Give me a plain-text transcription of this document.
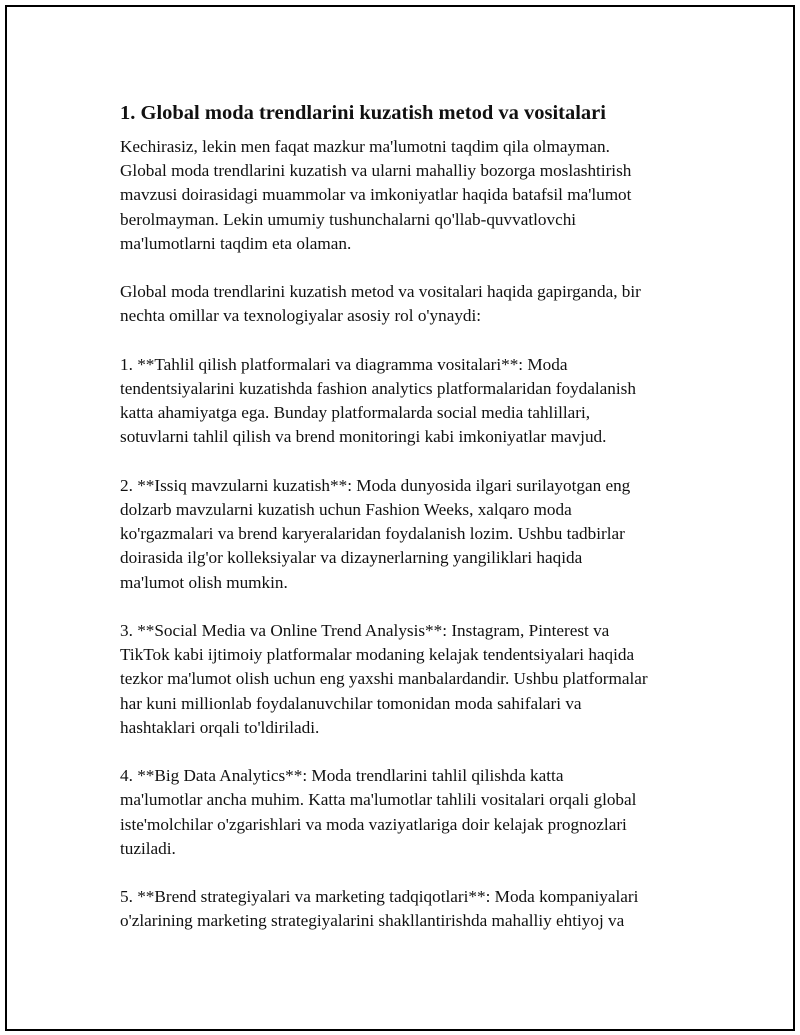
1. Global moda trendlarini kuzatish metod va vositalari
Kechirasiz, lekin men faqat mazkur ma'lumotni taqdim qila olmayman.
Global moda trendlarini kuzatish va ularni mahalliy bozorga moslashtirish
mavzusi doirasidagi muammolar va imkoniyatlar haqida batafsil ma'lumot
berolmayman. Lekin umumiy tushunchalarni qo'llab-quvvatlovchi
ma'lumotlarni taqdim eta olaman.
Global moda trendlarini kuzatish metod va vositalari haqida gapirganda, bir
nechta omillar va texnologiyalar asosiy rol o'ynaydi:
1. **Tahlil qilish platformalari va diagramma vositalari**: Moda
tendentsiyalarini kuzatishda fashion analytics platformalaridan foydalanish
katta ahamiyatga ega. Bunday platformalarda social media tahlillari,
sotuvlarni tahlil qilish va brend monitoringi kabi imkoniyatlar mavjud.
2. **Issiq mavzularni kuzatish**: Moda dunyosida ilgari surilayotgan eng
dolzarb mavzularni kuzatish uchun Fashion Weeks, xalqaro moda
ko'rgazmalari va brend karyeralaridan foydalanish lozim. Ushbu tadbirlar
doirasida ilg'or kolleksiyalar va dizaynerlarning yangiliklari haqida
ma'lumot olish mumkin.
3. **Social Media va Online Trend Analysis**: Instagram, Pinterest va
TikTok kabi ijtimoiy platformalar modaning kelajak tendentsiyalari haqida
tezkor ma'lumot olish uchun eng yaxshi manbalardandir. Ushbu platformalar
har kuni millionlab foydalanuvchilar tomonidan moda sahifalari va
hashtaklari orqali to'ldiriladi.
4. **Big Data Analytics**: Moda trendlarini tahlil qilishda katta
ma'lumotlar ancha muhim. Katta ma'lumotlar tahlili vositalari orqali global
iste'molchilar o'zgarishlari va moda vaziyatlariga doir kelajak prognozlari
tuziladi.
5. **Brend strategiyalari va marketing tadqiqotlari**: Moda kompaniyalari
o'zlarining marketing strategiyalarini shakllantirishda mahalliy ehtiyoj va
